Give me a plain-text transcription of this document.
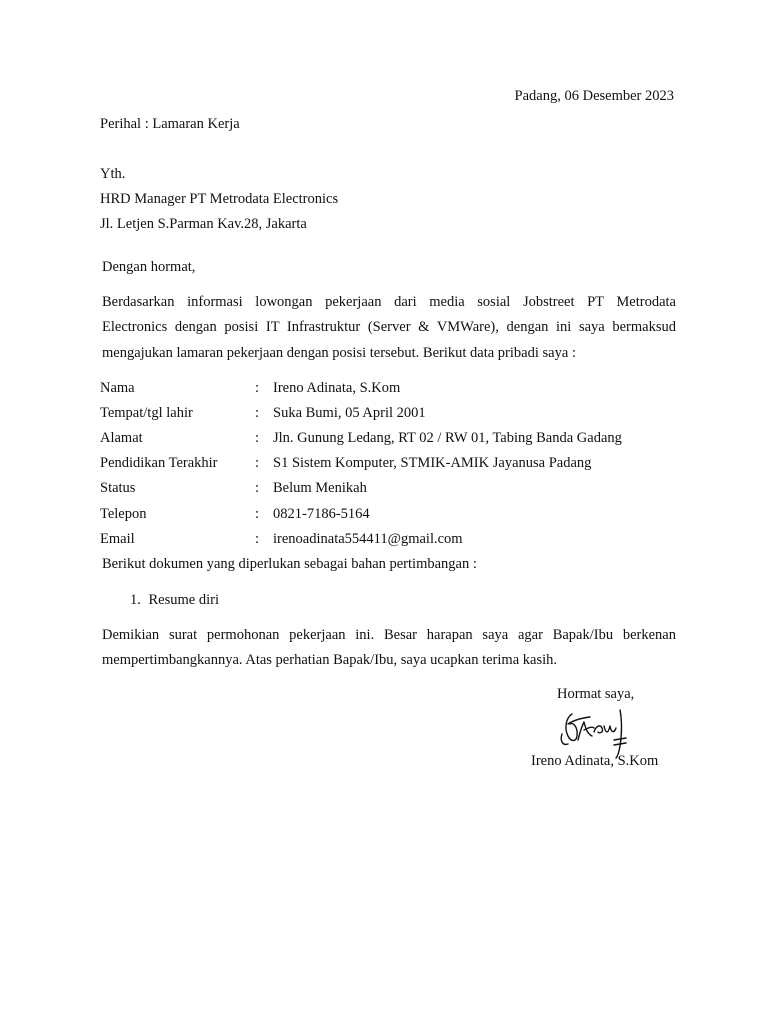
Padang, 06 Desember 2023
Perihal : Lamaran Kerja
Yth.
HRD Manager PT Metrodata Electronics
Jl. Letjen S.Parman Kav.28, Jakarta
Dengan hormat,
Berdasarkan informasi lowongan pekerjaan dari media sosial Jobstreet PT Metrodata
Electronics dengan posisi IT Infrastruktur (Server & VMWare), dengan ini saya bermaksud
mengajukan lamaran pekerjaan dengan posisi tersebut. Berikut data pribadi saya :
Nama	: Ireno Adinata, S.Kom
Tempat/tgl lahir	: Suka Bumi, 05 April 2001
Alamat	: Jln. Gunung Ledang, RT 02 / RW 01, Tabing Banda Gadang
Pendidikan Terakhir	: S1 Sistem Komputer, STMIK-AMIK Jayanusa Padang
Status	: Belum Menikah
Telepon	: 0821-7186-5164
Email	: irenoadinata554411@gmail.com
Berikut dokumen yang diperlukan sebagai bahan pertimbangan :
1. Resume diri
Demikian surat permohonan pekerjaan ini. Besar harapan saya agar Bapak/Ibu berkenan
mempertimbangkannya. Atas perhatian Bapak/Ibu, saya ucapkan terima kasih.
Hormat saya,
Ireno Adinata, S.Kom
